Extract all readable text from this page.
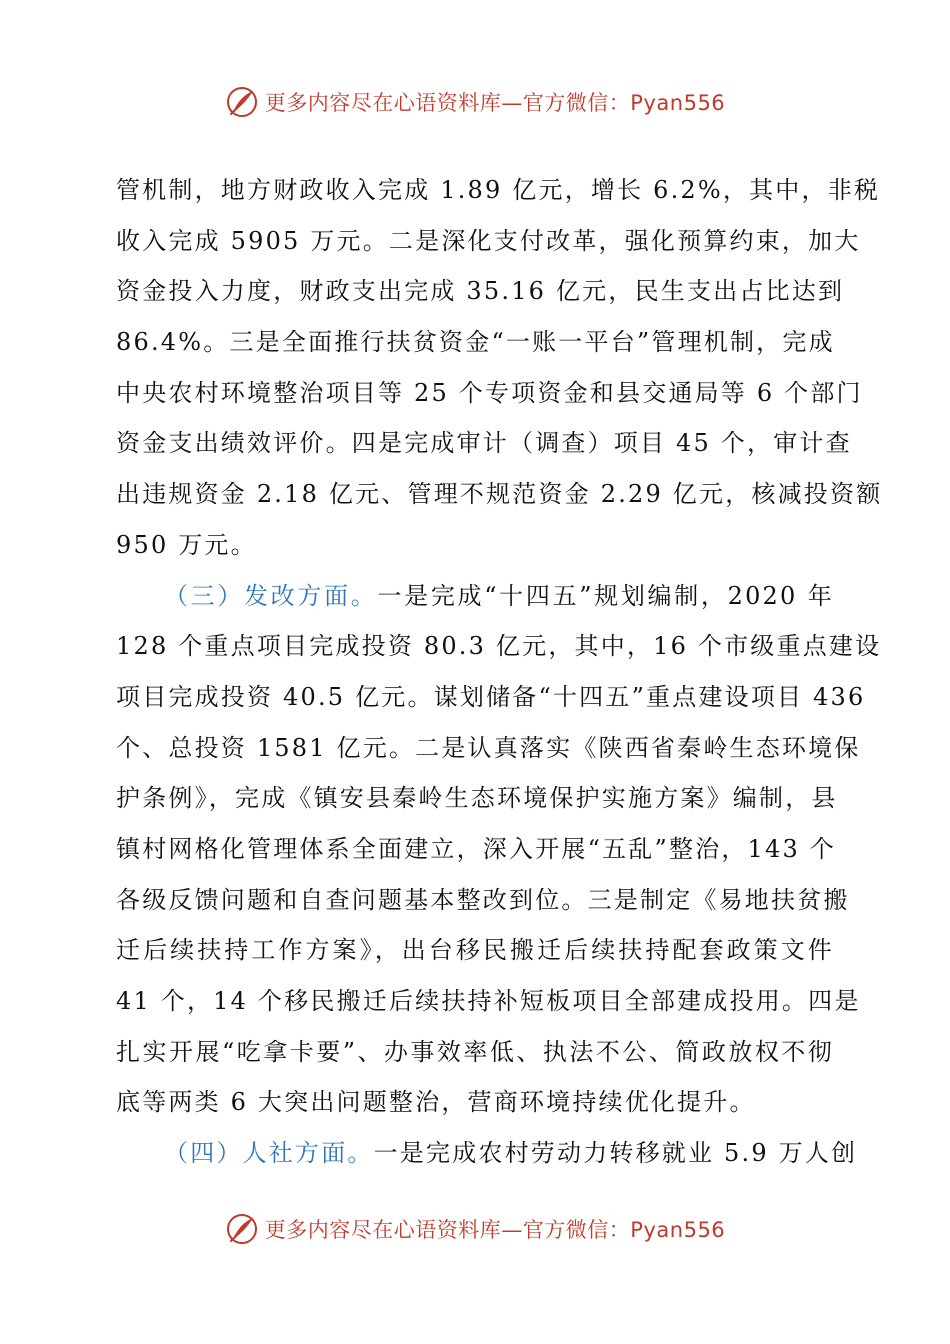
更多内容尽在心语资料库—官方微信：Pyan556
管机制，地方财政收入完成 1.89 亿元，增长 6.2%，其中，非税
收入完成 5905 万元。二是深化支付改革，强化预算约束，加大
资金投入力度，财政支出完成 35.16 亿元，民生支出占比达到
86.4%。三是全面推行扶贫资金“一账一平台”管理机制，完成
中央农村环境整治项目等 25 个专项资金和县交通局等 6 个部门
资金支出绩效评价。四是完成审计（调查）项目 45 个，审计查
出违规资金 2.18 亿元、管理不规范资金 2.29 亿元，核减投资额
950 万元。
（三）发改方面。一是完成“十四五”规划编制，2020 年
128 个重点项目完成投资 80.3 亿元，其中，16 个市级重点建设
项目完成投资 40.5 亿元。谋划储备“十四五”重点建设项目 436
个、总投资 1581 亿元。二是认真落实《陕西省秦岭生态环境保
护条例》，完成《镇安县秦岭生态环境保护实施方案》编制，县
镇村网格化管理体系全面建立，深入开展“五乱”整治，143 个
各级反馈问题和自查问题基本整改到位。三是制定《易地扶贫搬
迁后续扶持工作方案》，出台移民搬迁后续扶持配套政策文件
41 个，14 个移民搬迁后续扶持补短板项目全部建成投用。四是
扎实开展“吃拿卡要”、办事效率低、执法不公、简政放权不彻
底等两类 6 大突出问题整治，营商环境持续优化提升。
（四）人社方面。一是完成农村劳动力转移就业 5.9 万人创
更多内容尽在心语资料库—官方微信：Pyan556
